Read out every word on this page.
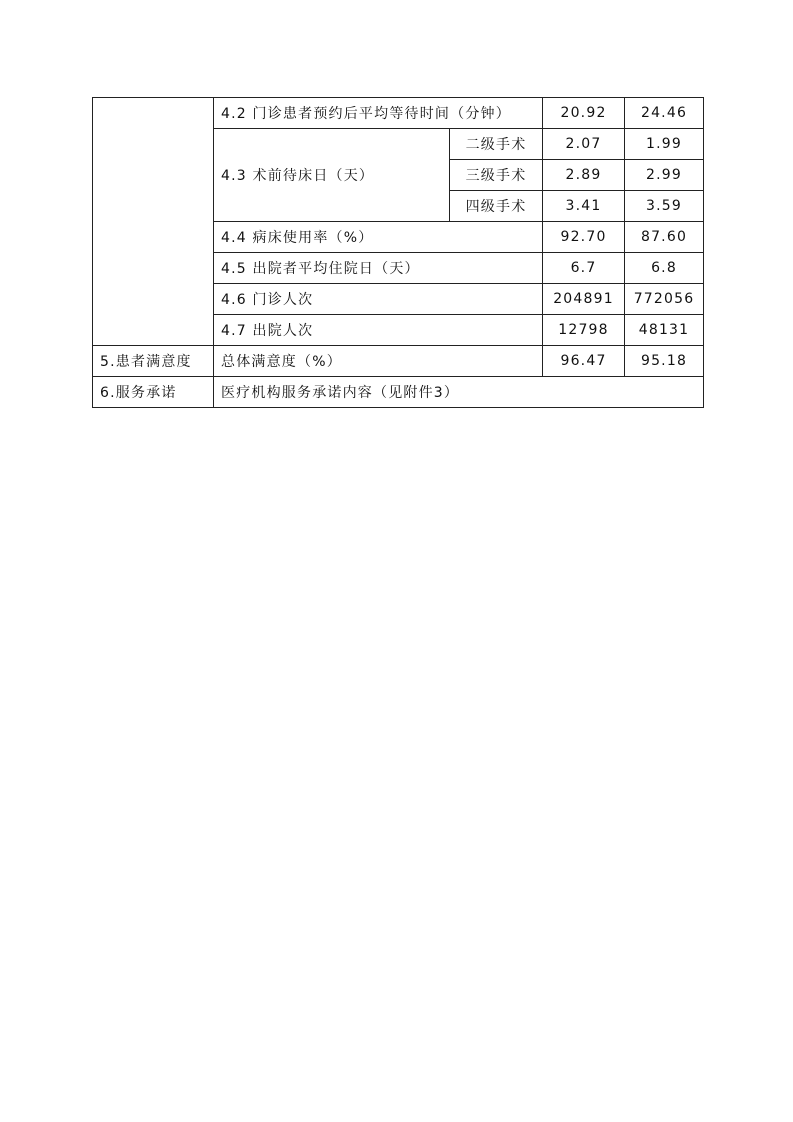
	4.2 门诊患者预约后平均等待时间（分钟）		20.92	24.46
	4.3 术前待床日（天）	二级手术	2.07	1.99
		三级手术	2.89	2.99
		四级手术	3.41	3.59
	4.4 病床使用率（%）		92.70	87.60
	4.5 出院者平均住院日（天）		6.7	6.8
	4.6 门诊人次		204891	772056
	4.7 出院人次		12798	48131
5.患者满意度	总体满意度（%）		96.47	95.18
6.服务承诺	医疗机构服务承诺内容（见附件3）			
